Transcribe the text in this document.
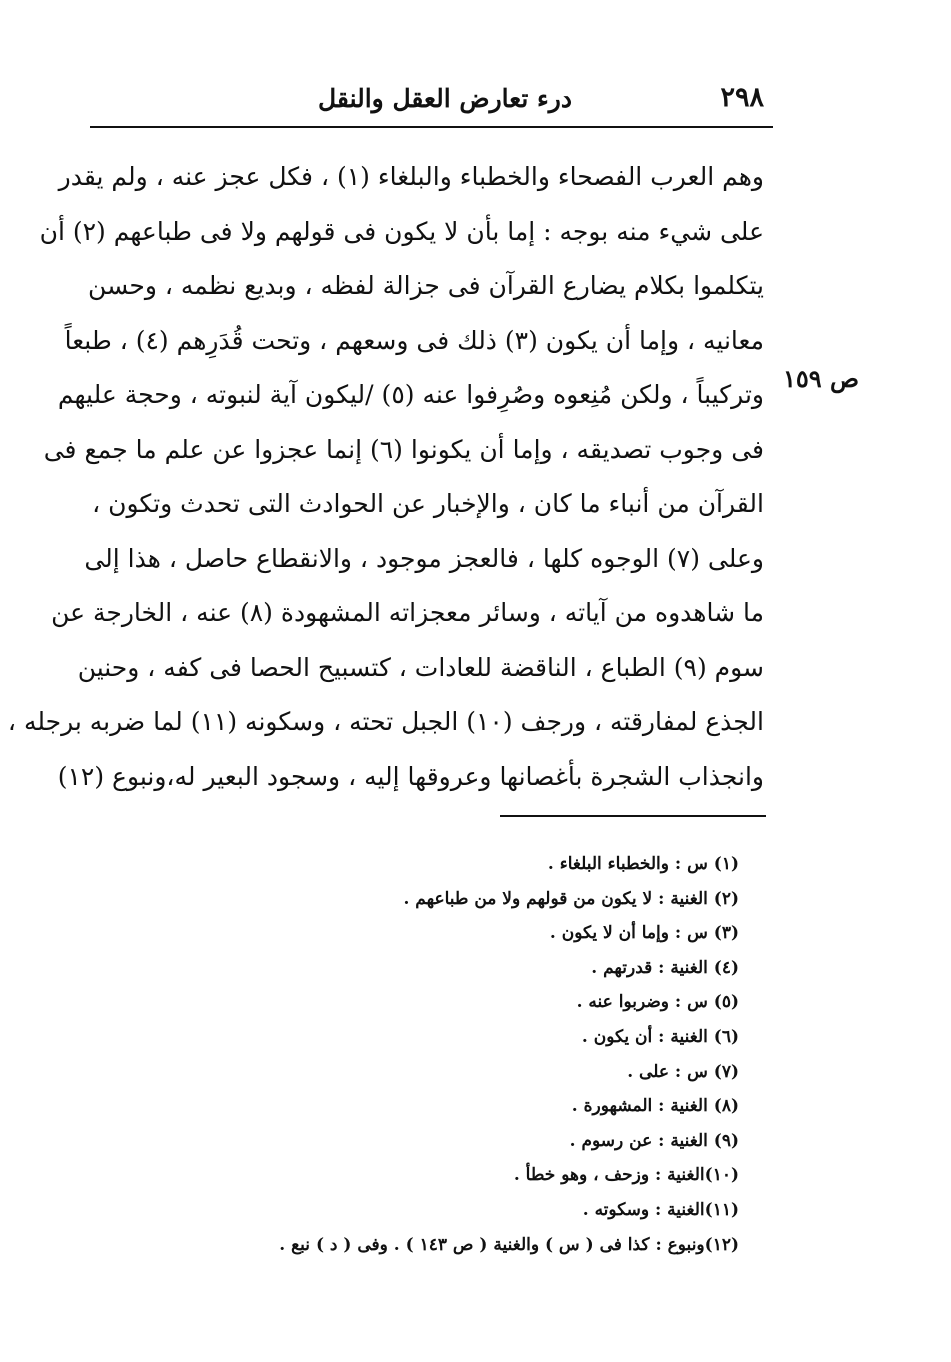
٢٩٨
درء تعارض العقل والنقل
ص ١٥٩
وهم العرب الفصحاء والخطباء والبلغاء (١) ، فكل عجز عنه ، ولم يقدر
على شيء منه بوجه : إما بأن لا يكون فى قولهم ولا فى طباعهم (٢) أن
يتكلموا بكلام يضارع القرآن فى جزالة لفظه ، وبديع نظمه ، وحسن
معانيه ، وإما أن يكون (٣) ذلك فى وسعهم ، وتحت قُدَرِهم (٤) ، طبعاً
وتركيباً ، ولكن مُنِعوه وصُرِفوا عنه (٥) /ليكون آية لنبوته ، وحجة عليهم
فى وجوب تصديقه ، وإما أن يكونوا (٦) إنما عجزوا عن علم ما جمع فى
القرآن من أنباء ما كان ، والإخبار عن الحوادث التى تحدث وتكون ،
وعلى (٧) الوجوه كلها ، فالعجز موجود ، والانقطاع حاصل ، هذا إلى
ما شاهدوه من آياته ، وسائر معجزاته المشهودة (٨) عنه ، الخارجة عن
سوم (٩) الطباع ، الناقضة للعادات ، كتسبيح الحصا فى كفه ، وحنين
الجذع لمفارقته ، ورجف (١٠) الجبل تحته ، وسكونه (١١) لما ضربه برجله ،
وانجذاب الشجرة بأغصانها وعروقها إليه ، وسجود البعير له،ونبوع (١٢)
(١) س : والخطباء البلغاء .
(٢) الغنية : لا يكون من قولهم ولا من طباعهم .
(٣) س : وإما أن لا يكون .
(٤) الغنية : قدرتهم .
(٥) س : وضربوا عنه .
(٦) الغنية : أن يكون .
(٧) س : على .
(٨) الغنية : المشهورة .
(٩) الغنية : عن رسوم .
(١٠)الغنية : وزحف ، وهو خطأ .
(١١)الغنية : وسكوته .
(١٢)ونبوع : كذا فى ( س ) والغنية ( ص ١٤٣ ) . وفى ( د ) نبع .
